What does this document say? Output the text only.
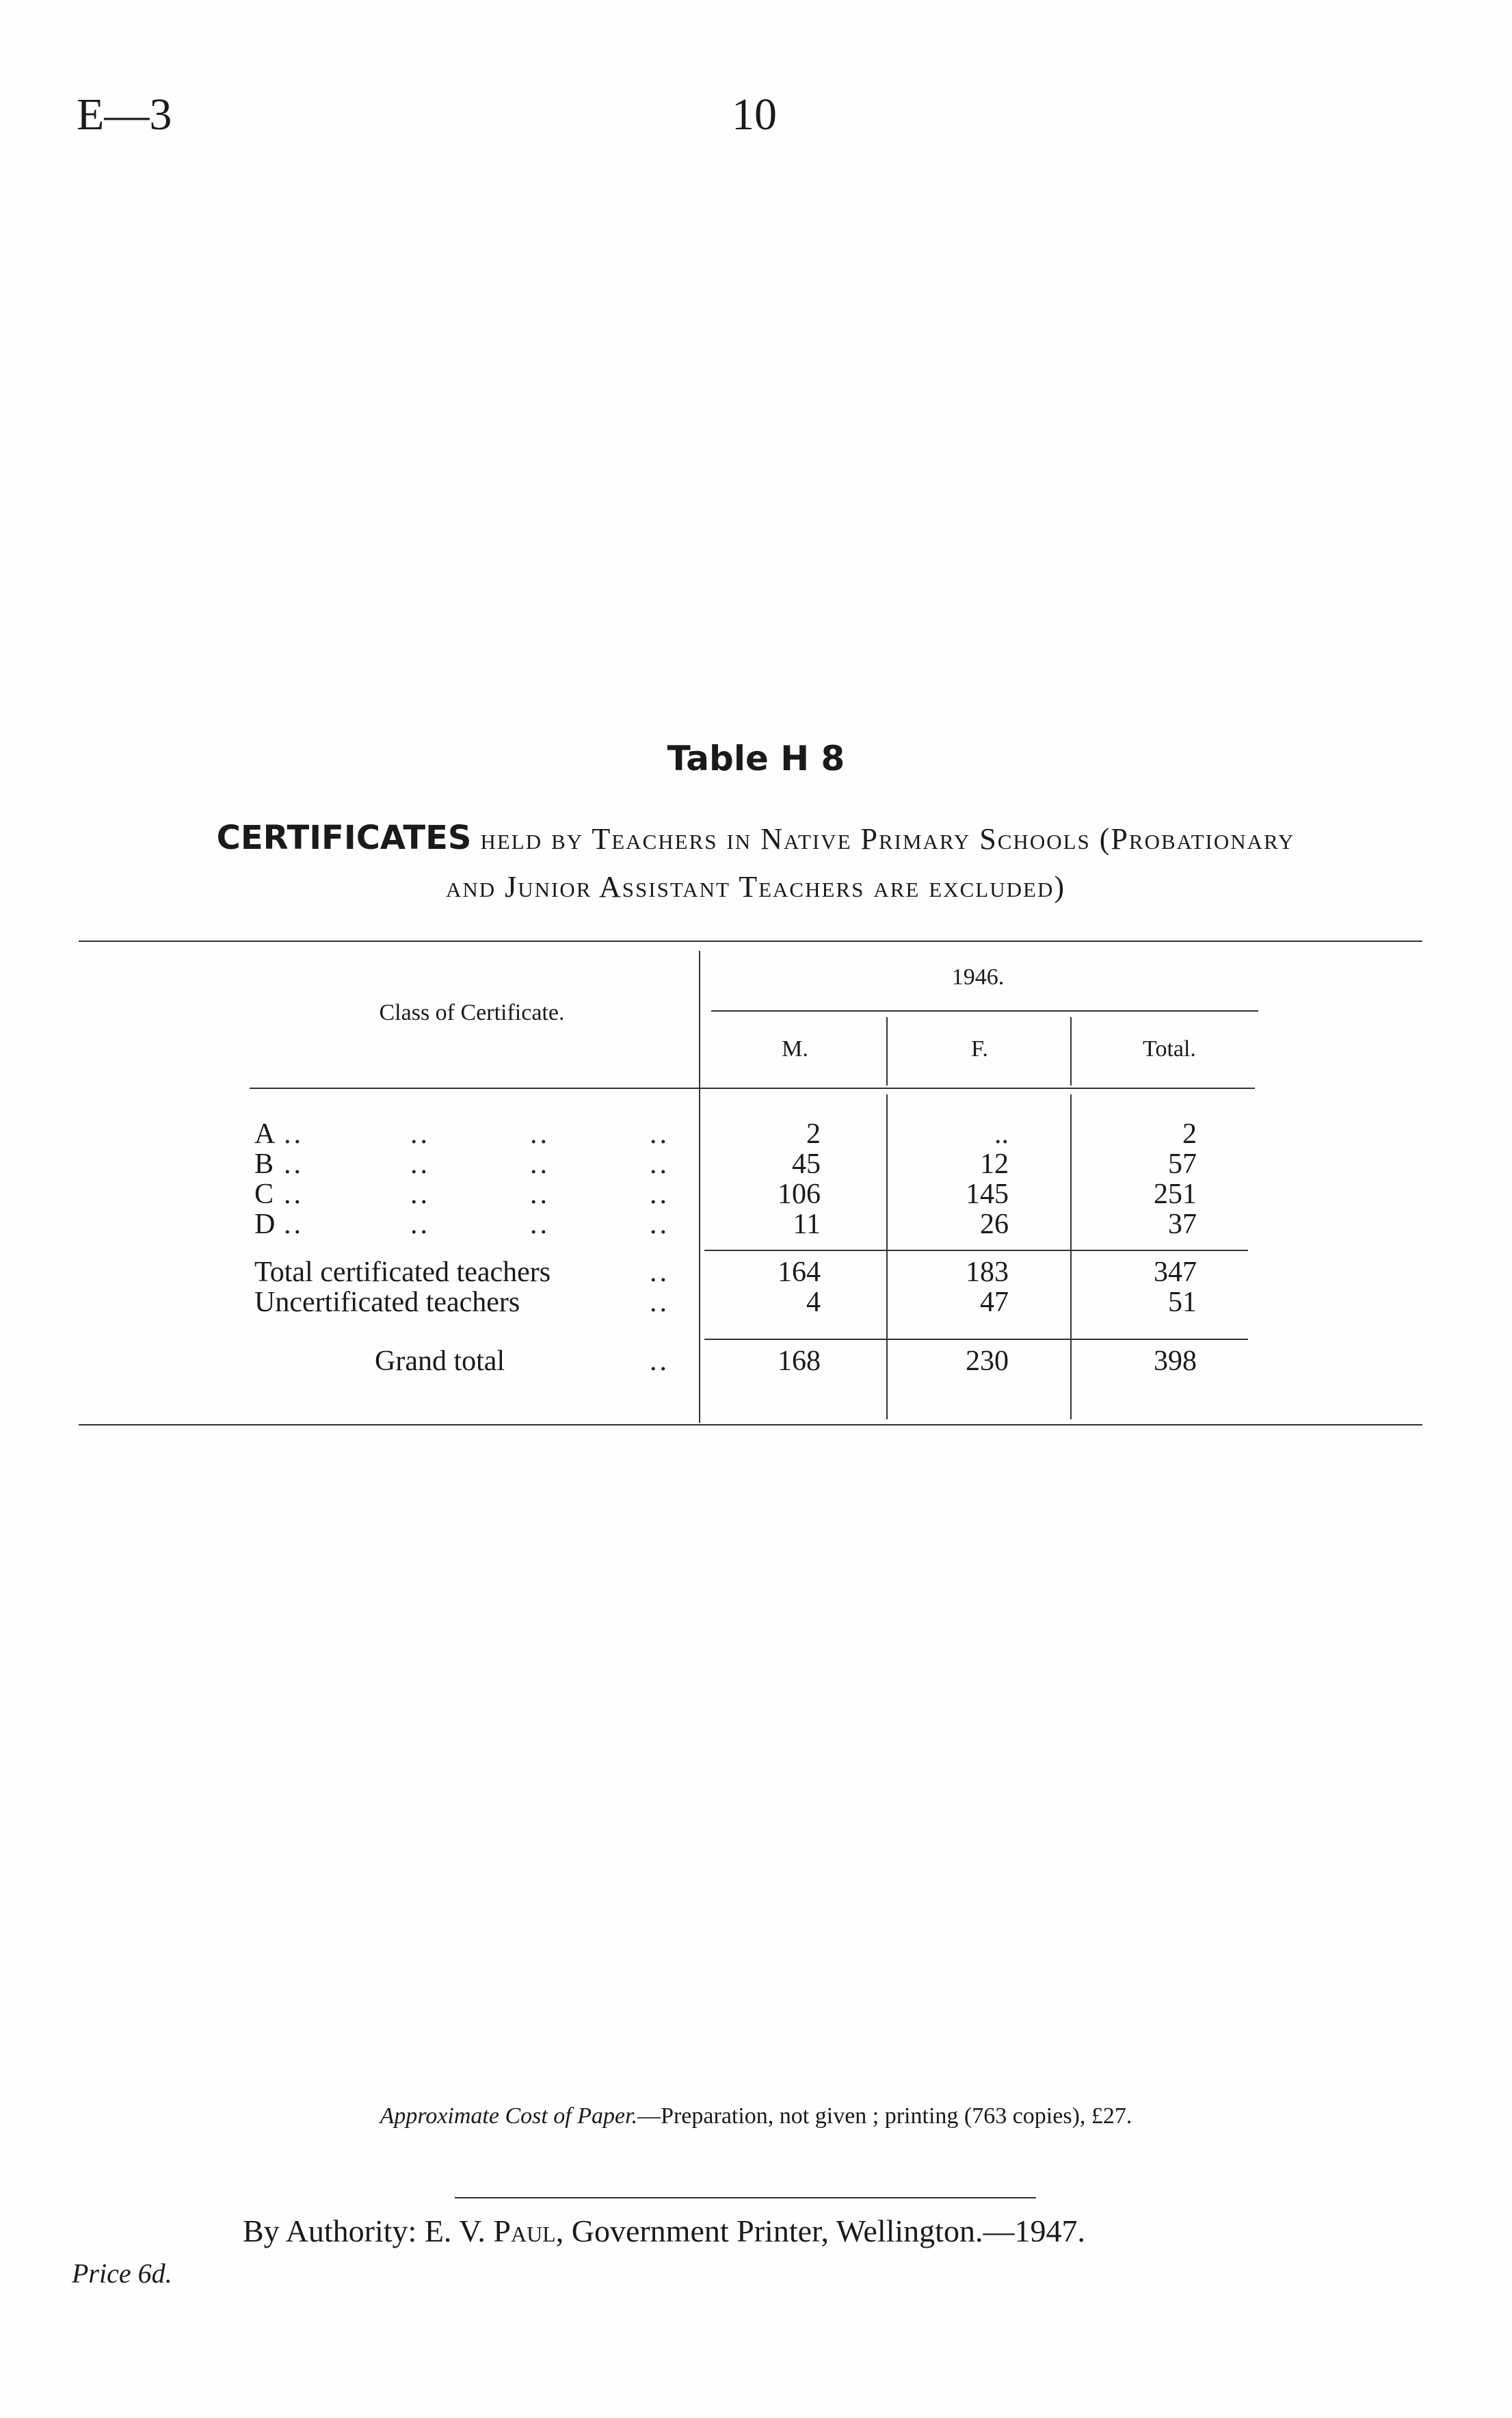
E—3	10
Table H 8
CERTIFICATES held by Teachers in Native Primary Schools (Probationary
and Junior Assistant Teachers are excluded)
Class of Certificate.
1946.
M.	F.	Total.
A ..	..	..	..	2	..	2
B ..	..	..	..	45	12	57
C ..	..	..	..	106	145	251
D ..	..	..	..	11	26	37
Total certificated teachers	..	164	183	347
Uncertificated teachers	..	4	47	51
Grand total	..	168	230	398
Approximate Cost of Paper.—Preparation, not given ; printing (763 copies), £27.
By Authority: E. V. Paul, Government Printer, Wellington.—1947.
Price 6d.
